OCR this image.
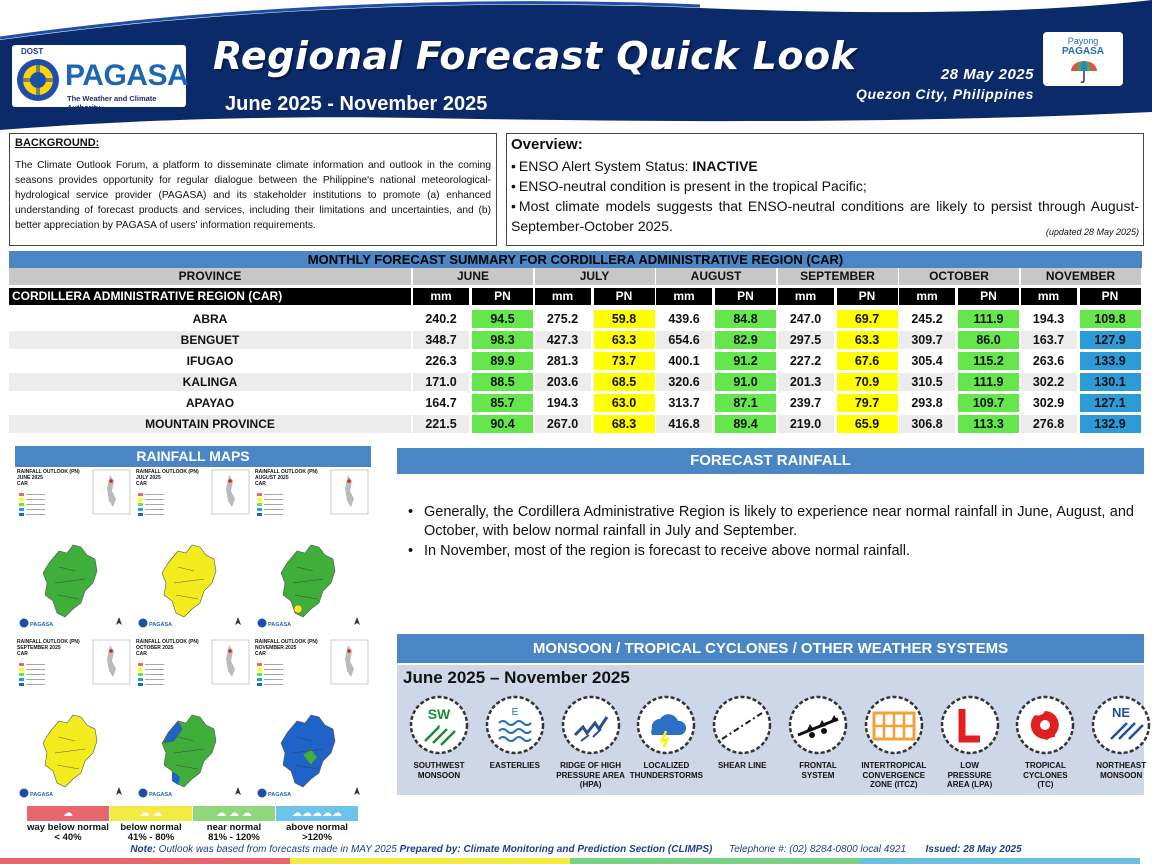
DOST
PAGASA
The Weather and Climate Authority
Regional Forecast Quick Look
June 2025 - November 2025
28 May 2025
Quezon City, Philippines
Payong
PAGASA
BACKGROUND:

The Climate Outlook Forum, a platform to disseminate climate information and outlook in the coming seasons provides opportunity for regular dialogue between the Philippine's national meteorological-hydrological service provider (PAGASA) and its stakeholder institutions to promote (a) enhanced understanding of forecast products and services, including their limitations and uncertainties, and (b) better appreciation by PAGASA of users' information requirements.

Overview:
• ENSO Alert System Status: INACTIVE
• ENSO-neutral condition is present in the tropical Pacific;
• Most climate models suggests that ENSO-neutral conditions are likely to persist through August-September-October 2025.	(updated 28 May 2025)
MONTHLY FORECAST SUMMARY FOR CORDILLERA ADMINISTRATIVE REGION (CAR)
PROVINCE
CORDILLERA ADMINISTRATIVE REGION (CAR)
JUNE
mm	PN
JULY
mm	PN
AUGUST
mm	PN
SEPTEMBER
mm	PN
OCTOBER
mm	PN
NOVEMBER
mm	PN
ABRA	240.2	94.5	275.2	59.8	439.6	84.8	247.0	69.7	245.2	111.9	194.3	109.8
BENGUET	348.7	98.3	427.3	63.3	654.6	82.9	297.5	63.3	309.7	86.0	163.7	127.9
IFUGAO	226.3	89.9	281.3	73.7	400.1	91.2	227.2	67.6	305.4	115.2	263.6	133.9
KALINGA	171.0	88.5	203.6	68.5	320.6	91.0	201.3	70.9	310.5	111.9	302.2	130.1
APAYAO	164.7	85.7	194.3	63.0	313.7	87.1	239.7	79.7	293.8	109.7	302.9	127.1
MOUNTAIN PROVINCE	221.5	90.4	267.0	68.3	416.8	89.4	219.0	65.9	306.8	113.3	276.8	132.9
RAINFALL MAPS
RAINFALL OUTLOOK (PN)
JUNE 2025
CAR
PAGASA
RAINFALL OUTLOOK (PN)
JULY 2025
CAR
PAGASA
RAINFALL OUTLOOK (PN)
AUGUST 2025
CAR
PAGASA
RAINFALL OUTLOOK (PN)
SEPTEMBER 2025
CAR
PAGASA
RAINFALL OUTLOOK (PN)
OCTOBER 2025
CAR
PAGASA
RAINFALL OUTLOOK (PN)
NOVEMBER 2025
CAR
PAGASA
☁
way below normal
< 40%
☁ ☁
below normal
41% - 80%
☁ ☁ ☁
near normal
81% - 120%
☁☁☁☁☁
above normal
>120%
FORECAST RAINFALL
• Generally, the Cordillera Administrative Region is likely to experience near normal rainfall in June, August, and October, with below normal rainfall in July and September.
• In November, most of the region is forecast to receive above normal rainfall.
MONSOON / TROPICAL CYCLONES / OTHER WEATHER SYSTEMS
June 2025 – November 2025
SW
SOUTHWEST
MONSOON
E
EASTERLIES	RIDGE OF HIGH
PRESSURE AREA
(HPA)
LOCALIZED
THUNDERSTORMS
SHEAR LINE	FRONTAL
SYSTEM
INTERTROPICAL
CONVERGENCE
ZONE (ITCZ)
LOW
PRESSURE
AREA (LPA)
TROPICAL
CYCLONES
(TC)
NE
NORTHEAST
MONSOON
Note: Outlook was based from forecasts made in MAY 2025 Prepared by: Climate Monitoring and Prediction Section (CLIMPS) Telephone #: (02) 8284-0800 local 4921 Issued: 28 May 2025
